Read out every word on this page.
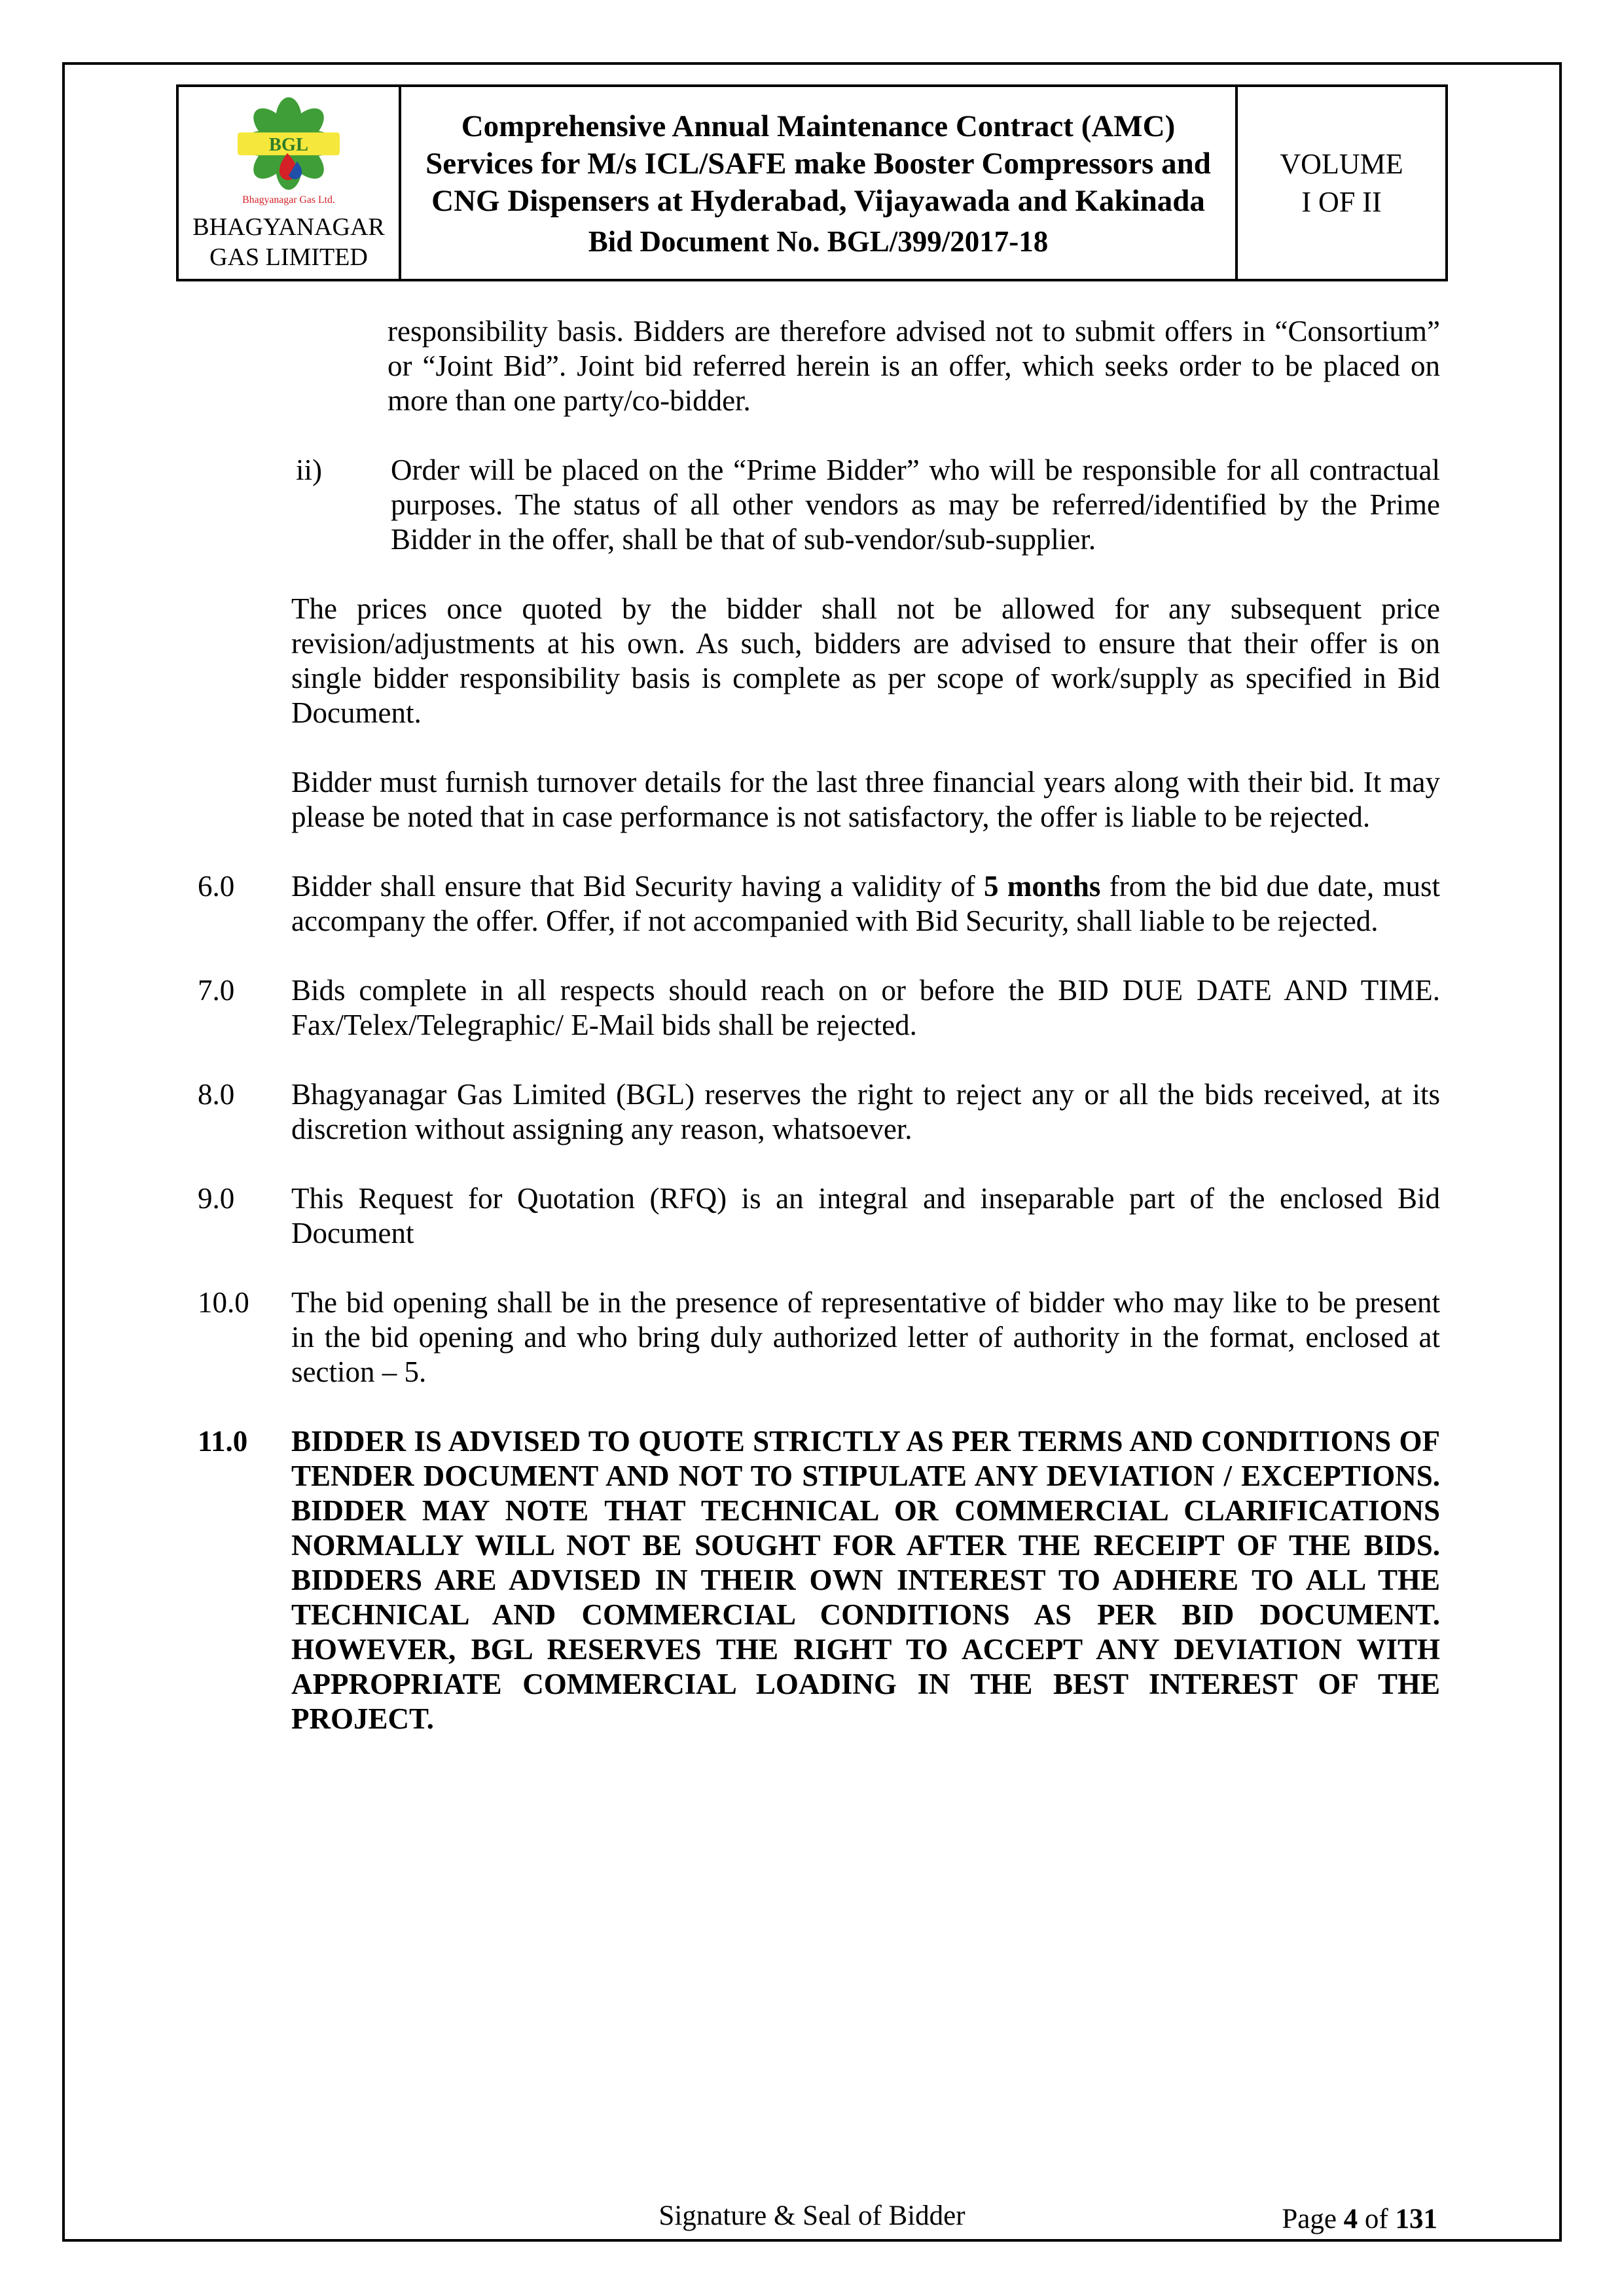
BGL
Bhagyanagar Gas Ltd.
BHAGYANAGAR
GAS LIMITED
Comprehensive Annual Maintenance Contract (AMC) Services for M/s ICL/SAFE make Booster Compressors and CNG Dispensers at Hyderabad, Vijayawada and Kakinada
Bid Document No. BGL/399/2017-18
VOLUME
I OF II

responsibility basis. Bidders are therefore advised not to submit offers in “Consortium” or “Joint Bid”. Joint bid referred herein is an offer, which seeks order to be placed on more than one party/co-bidder.

ii)	Order will be placed on the “Prime Bidder” who will be responsible for all contractual purposes. The status of all other vendors as may be referred/identified by the Prime Bidder in the offer, shall be that of sub-vendor/sub-supplier.

The prices once quoted by the bidder shall not be allowed for any subsequent price revision/adjustments at his own. As such, bidders are advised to ensure that their offer is on single bidder responsibility basis is complete as per scope of work/supply as specified in Bid Document.

Bidder must furnish turnover details for the last three financial years along with their bid. It may please be noted that in case performance is not satisfactory, the offer is liable to be rejected.

6.0	Bidder shall ensure that Bid Security having a validity of 5 months from the bid due date, must accompany the offer. Offer, if not accompanied with Bid Security, shall liable to be rejected.
7.0	Bids complete in all respects should reach on or before the BID DUE DATE AND TIME. Fax/Telex/Telegraphic/ E-Mail bids shall be rejected.
8.0	Bhagyanagar Gas Limited (BGL) reserves the right to reject any or all the bids received, at its discretion without assigning any reason, whatsoever.
9.0	This Request for Quotation (RFQ) is an integral and inseparable part of the enclosed Bid Document
10.0	The bid opening shall be in the presence of representative of bidder who may like to be present in the bid opening and who bring duly authorized letter of authority in the format, enclosed at section – 5.
11.0	BIDDER IS ADVISED TO QUOTE STRICTLY AS PER TERMS AND CONDITIONS OF TENDER DOCUMENT AND NOT TO STIPULATE ANY DEVIATION / EXCEPTIONS. BIDDER MAY NOTE THAT TECHNICAL OR COMMERCIAL CLARIFICATIONS NORMALLY WILL NOT BE SOUGHT FOR AFTER THE RECEIPT OF THE BIDS. BIDDERS ARE ADVISED IN THEIR OWN INTEREST TO ADHERE TO ALL THE TECHNICAL AND COMMERCIAL CONDITIONS AS PER BID DOCUMENT. HOWEVER, BGL RESERVES THE RIGHT TO ACCEPT ANY DEVIATION WITH APPROPRIATE COMMERCIAL LOADING IN THE BEST INTEREST OF THE PROJECT.
Signature & Seal of Bidder	Page 4 of 131
